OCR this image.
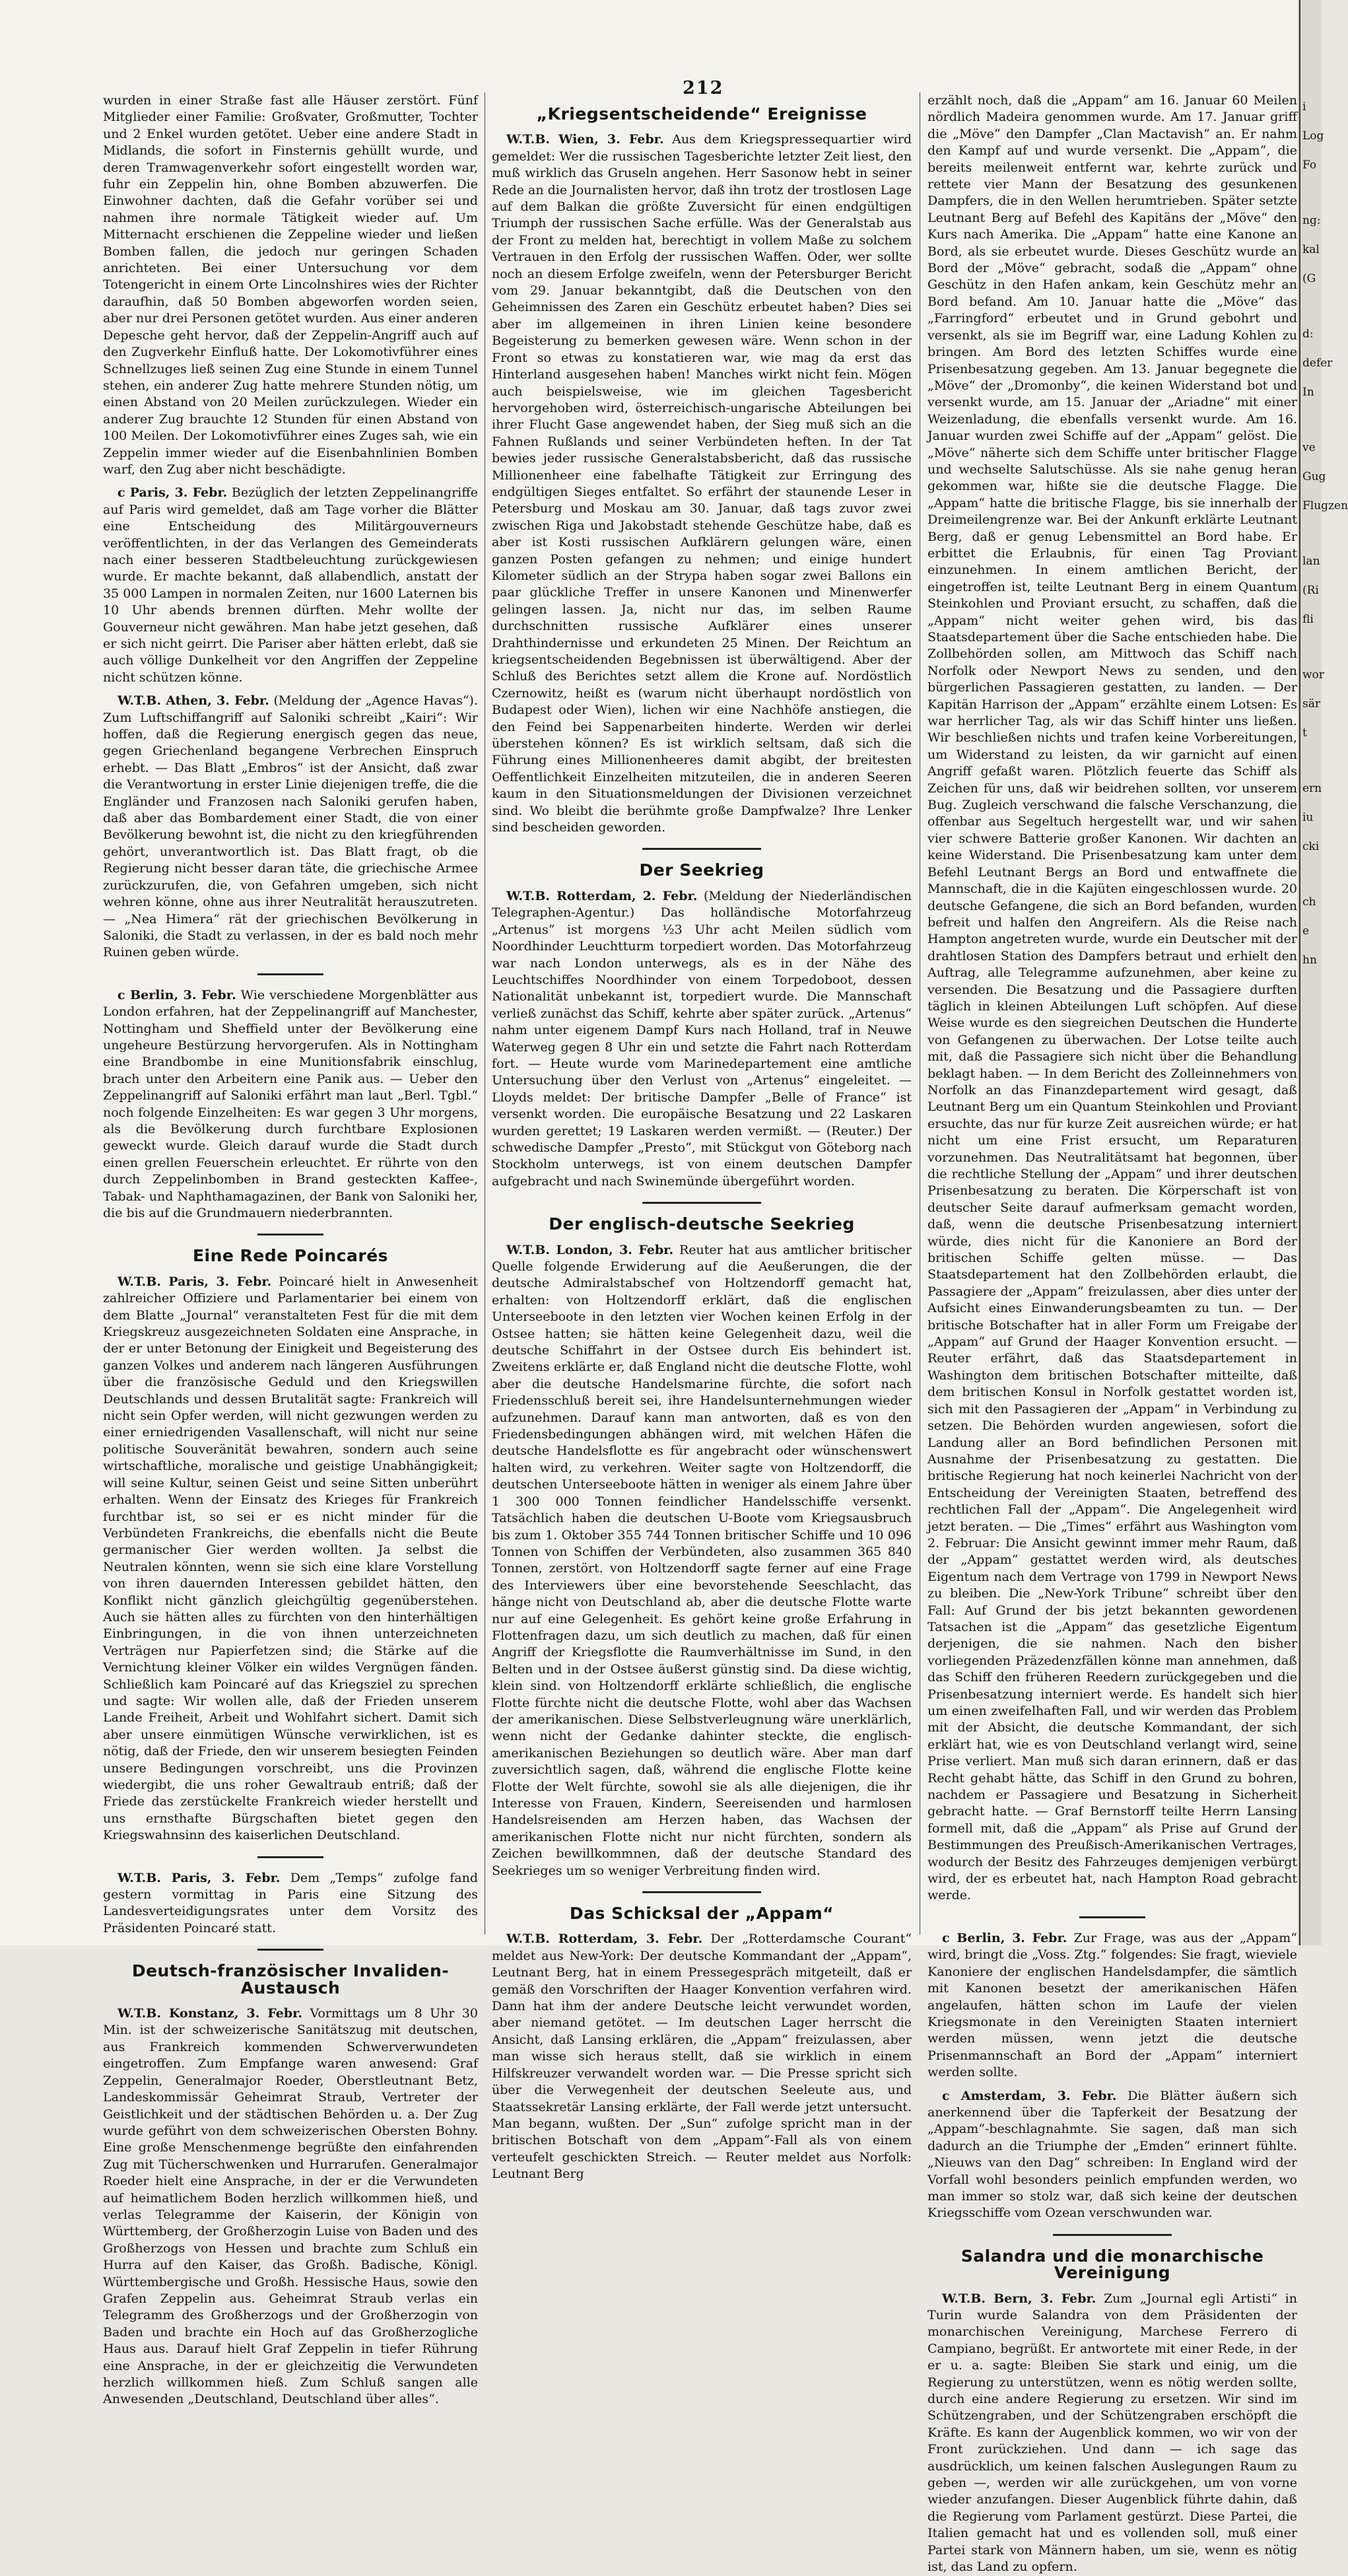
212

wurden in einer Straße fast alle Häuser zerstört. Fünf Mitglieder einer Familie: Großvater, Großmutter, Tochter und 2 Enkel wurden getötet. Ueber eine andere Stadt in Midlands, die sofort in Finsternis gehüllt wurde, und deren Tramwagenverkehr sofort eingestellt worden war, fuhr ein Zeppelin hin, ohne Bomben abzuwerfen. Die Einwohner dachten, daß die Gefahr vorüber sei und nahmen ihre normale Tätigkeit wieder auf. Um Mitternacht erschienen die Zeppeline wieder und ließen Bomben fallen, die jedoch nur geringen Schaden anrichteten. Bei einer Untersuchung vor dem Totengericht in einem Orte Lincolnshires wies der Richter daraufhin, daß 50 Bomben abgeworfen worden seien, aber nur drei Personen getötet wurden. Aus einer anderen Depesche geht hervor, daß der Zeppelin-Angriff auch auf den Zugverkehr Einfluß hatte. Der Lokomotivführer eines Schnellzuges ließ seinen Zug eine Stunde in einem Tunnel stehen, ein anderer Zug hatte mehrere Stunden nötig, um einen Abstand von 20 Meilen zurückzulegen. Wieder ein anderer Zug brauchte 12 Stunden für einen Abstand von 100 Meilen. Der Lokomotivführer eines Zuges sah, wie ein Zeppelin immer wieder auf die Eisenbahnlinien Bomben warf, den Zug aber nicht beschädigte.

c Paris, 3. Febr. Bezüglich der letzten Zeppelinangriffe auf Paris wird gemeldet, daß am Tage vorher die Blätter eine Entscheidung des Militärgouverneurs veröffentlichten, in der das Verlangen des Gemeinderats nach einer besseren Stadtbeleuchtung zurückgewiesen wurde. Er machte bekannt, daß allabendlich, anstatt der 35 000 Lampen in normalen Zeiten, nur 1600 Laternen bis 10 Uhr abends brennen dürften. Mehr wollte der Gouverneur nicht gewähren. Man habe jetzt gesehen, daß er sich nicht geirrt. Die Pariser aber hätten erlebt, daß sie auch völlige Dunkelheit vor den Angriffen der Zeppeline nicht schützen könne.

W.T.B. Athen, 3. Febr. (Meldung der „Agence Havas“). Zum Luftschiffangriff auf Saloniki schreibt „Kairi“: Wir hoffen, daß die Regierung energisch gegen das neue, gegen Griechenland begangene Verbrechen Einspruch erhebt. — Das Blatt „Embros“ ist der Ansicht, daß zwar die Verantwortung in erster Linie diejenigen treffe, die die Engländer und Franzosen nach Saloniki gerufen haben, daß aber das Bombardement einer Stadt, die von einer Bevölkerung bewohnt ist, die nicht zu den kriegführenden gehört, unverantwortlich ist. Das Blatt fragt, ob die Regierung nicht besser daran täte, die griechische Armee zurückzurufen, die, von Gefahren umgeben, sich nicht wehren könne, ohne aus ihrer Neutralität herauszutreten. — „Nea Himera“ rät der griechischen Bevölkerung in Saloniki, die Stadt zu verlassen, in der es bald noch mehr Ruinen geben würde.

c Berlin, 3. Febr. Wie verschiedene Morgenblätter aus London erfahren, hat der Zeppelinangriff auf Manchester, Nottingham und Sheffield unter der Bevölkerung eine ungeheure Bestürzung hervorgerufen. Als in Nottingham eine Brandbombe in eine Munitionsfabrik einschlug, brach unter den Arbeitern eine Panik aus. — Ueber den Zeppelinangriff auf Saloniki erfährt man laut „Berl. Tgbl.“ noch folgende Einzelheiten: Es war gegen 3 Uhr morgens, als die Bevölkerung durch furchtbare Explosionen geweckt wurde. Gleich darauf wurde die Stadt durch einen grellen Feuerschein erleuchtet. Er rührte von den durch Zeppelinbomben in Brand gesteckten Kaffee-, Tabak- und Naphthamagazinen, der Bank von Saloniki her, die bis auf die Grundmauern niederbrannten.

Eine Rede Poincarés

W.T.B. Paris, 3. Febr. Poincaré hielt in Anwesenheit zahlreicher Offiziere und Parlamentarier bei einem von dem Blatte „Journal“ veranstalteten Fest für die mit dem Kriegskreuz ausgezeichneten Soldaten eine Ansprache, in der er unter Betonung der Einigkeit und Begeisterung des ganzen Volkes und anderem nach längeren Ausführungen über die französische Geduld und den Kriegswillen Deutschlands und dessen Brutalität sagte: Frankreich will nicht sein Opfer werden, will nicht gezwungen werden zu einer erniedrigenden Vasallenschaft, will nicht nur seine politische Souveränität bewahren, sondern auch seine wirtschaftliche, moralische und geistige Unabhängigkeit; will seine Kultur, seinen Geist und seine Sitten unberührt erhalten. Wenn der Einsatz des Krieges für Frankreich furchtbar ist, so sei er es nicht minder für die Verbündeten Frankreichs, die ebenfalls nicht die Beute germanischer Gier werden wollten. Ja selbst die Neutralen könnten, wenn sie sich eine klare Vorstellung von ihren dauernden Interessen gebildet hätten, den Konflikt nicht gänzlich gleichgültig gegenüberstehen. Auch sie hätten alles zu fürchten von den hinterhältigen Einbringungen, in die von ihnen unterzeichneten Verträgen nur Papierfetzen sind; die Stärke auf die Vernichtung kleiner Völker ein wildes Vergnügen fänden. Schließlich kam Poincaré auf das Kriegsziel zu sprechen und sagte: Wir wollen alle, daß der Frieden unserem Lande Freiheit, Arbeit und Wohlfahrt sichert. Damit sich aber unsere einmütigen Wünsche verwirklichen, ist es nötig, daß der Friede, den wir unserem besiegten Feinden unsere Bedingungen vorschreibt, uns die Provinzen wiedergibt, die uns roher Gewaltraub entriß; daß der Friede das zerstückelte Frankreich wieder herstellt und uns ernsthafte Bürgschaften bietet gegen den Kriegswahnsinn des kaiserlichen Deutschland.

W.T.B. Paris, 3. Febr. Dem „Temps“ zufolge fand gestern vormittag in Paris eine Sitzung des Landesverteidigungsrates unter dem Vorsitz des Präsidenten Poincaré statt.

Deutsch-französischer Invaliden-Austausch

W.T.B. Konstanz, 3. Febr. Vormittags um 8 Uhr 30 Min. ist der schweizerische Sanitätszug mit deutschen, aus Frankreich kommenden Schwerverwundeten eingetroffen. Zum Empfange waren anwesend: Graf Zeppelin, Generalmajor Roeder, Oberstleutnant Betz, Landeskommissär Geheimrat Straub, Vertreter der Geistlichkeit und der städtischen Behörden u. a. Der Zug wurde geführt von dem schweizerischen Obersten Bohny. Eine große Menschenmenge begrüßte den einfahrenden Zug mit Tücherschwenken und Hurrarufen. Generalmajor Roeder hielt eine Ansprache, in der er die Verwundeten auf heimatlichem Boden herzlich willkommen hieß, und verlas Telegramme der Kaiserin, der Königin von Württemberg, der Großherzogin Luise von Baden und des Großherzogs von Hessen und brachte zum Schluß ein Hurra auf den Kaiser, das Großh. Badische, Königl. Württembergische und Großh. Hessische Haus, sowie den Grafen Zeppelin aus. Geheimrat Straub verlas ein Telegramm des Großherzogs und der Großherzogin von Baden und brachte ein Hoch auf das Großherzogliche Haus aus. Darauf hielt Graf Zeppelin in tiefer Rührung eine Ansprache, in der er gleichzeitig die Verwundeten herzlich willkommen hieß. Zum Schluß sangen alle Anwesenden „Deutschland, Deutschland über alles“.

„Kriegsentscheidende“ Ereignisse

W.T.B. Wien, 3. Febr. Aus dem Kriegspressequartier wird gemeldet: Wer die russischen Tagesberichte letzter Zeit liest, den muß wirklich das Gruseln angehen. Herr Sasonow hebt in seiner Rede an die Journalisten hervor, daß ihn trotz der trostlosen Lage auf dem Balkan die größte Zuversicht für einen endgültigen Triumph der russischen Sache erfülle. Was der Generalstab aus der Front zu melden hat, berechtigt in vollem Maße zu solchem Vertrauen in den Erfolg der russischen Waffen. Oder, wer sollte noch an diesem Erfolge zweifeln, wenn der Petersburger Bericht vom 29. Januar bekanntgibt, daß die Deutschen von den Geheimnissen des Zaren ein Geschütz erbeutet haben? Dies sei aber im allgemeinen in ihren Linien keine besondere Begeisterung zu bemerken gewesen wäre. Wenn schon in der Front so etwas zu konstatieren war, wie mag da erst das Hinterland ausgesehen haben! Manches wirkt nicht fein. Mögen auch beispielsweise, wie im gleichen Tagesbericht hervorgehoben wird, österreichisch-ungarische Abteilungen bei ihrer Flucht Gase angewendet haben, der Sieg muß sich an die Fahnen Rußlands und seiner Verbündeten heften. In der Tat bewies jeder russische Generalstabsbericht, daß das russische Millionenheer eine fabelhafte Tätigkeit zur Erringung des endgültigen Sieges entfaltet. So erfährt der staunende Leser in Petersburg und Moskau am 30. Januar, daß tags zuvor zwei zwischen Riga und Jakobstadt stehende Geschütze habe, daß es aber ist Kosti russischen Aufklärern gelungen wäre, einen ganzen Posten gefangen zu nehmen; und einige hundert Kilometer südlich an der Strypa haben sogar zwei Ballons ein paar glückliche Treffer in unsere Kanonen und Minenwerfer gelingen lassen. Ja, nicht nur das, im selben Raume durchschnitten russische Aufklärer eines unserer Drahthindernisse und erkundeten 25 Minen. Der Reichtum an kriegsentscheidenden Begebnissen ist überwältigend. Aber der Schluß des Berichtes setzt allem die Krone auf. Nordöstlich Czernowitz, heißt es (warum nicht überhaupt nordöstlich von Budapest oder Wien), lichen wir eine Nachhöfe anstiegen, die den Feind bei Sappenarbeiten hinderte. Werden wir derlei überstehen können? Es ist wirklich seltsam, daß sich die Führung eines Millionenheeres damit abgibt, der breitesten Oeffentlichkeit Einzelheiten mitzuteilen, die in anderen Seeren kaum in den Situationsmeldungen der Divisionen verzeichnet sind. Wo bleibt die berühmte große Dampfwalze? Ihre Lenker sind bescheiden geworden.

Der Seekrieg

W.T.B. Rotterdam, 2. Febr. (Meldung der Niederländischen Telegraphen-Agentur.) Das holländische Motorfahrzeug „Artenus“ ist morgens ½3 Uhr acht Meilen südlich vom Noordhinder Leuchtturm torpediert worden. Das Motorfahrzeug war nach London unterwegs, als es in der Nähe des Leuchtschiffes Noordhinder von einem Torpedoboot, dessen Nationalität unbekannt ist, torpediert wurde. Die Mannschaft verließ zunächst das Schiff, kehrte aber später zurück. „Artenus“ nahm unter eigenem Dampf Kurs nach Holland, traf in Neuwe Waterweg gegen 8 Uhr ein und setzte die Fahrt nach Rotterdam fort. — Heute wurde vom Marinedepartement eine amtliche Untersuchung über den Verlust von „Artenus“ eingeleitet. — Lloyds meldet: Der britische Dampfer „Belle of France“ ist versenkt worden. Die europäische Besatzung und 22 Laskaren wurden gerettet; 19 Laskaren werden vermißt. — (Reuter.) Der schwedische Dampfer „Presto“, mit Stückgut von Göteborg nach Stockholm unterwegs, ist von einem deutschen Dampfer aufgebracht und nach Swinemünde übergeführt worden.

Der englisch-deutsche Seekrieg

W.T.B. London, 3. Febr. Reuter hat aus amtlicher britischer Quelle folgende Erwiderung auf die Aeußerungen, die der deutsche Admiralstabschef von Holtzendorff gemacht hat, erhalten: von Holtzendorff erklärt, daß die englischen Unterseeboote in den letzten vier Wochen keinen Erfolg in der Ostsee hatten; sie hätten keine Gelegenheit dazu, weil die deutsche Schiffahrt in der Ostsee durch Eis behindert ist. Zweitens erklärte er, daß England nicht die deutsche Flotte, wohl aber die deutsche Handelsmarine fürchte, die sofort nach Friedensschluß bereit sei, ihre Handelsunternehmungen wieder aufzunehmen. Darauf kann man antworten, daß es von den Friedensbedingungen abhängen wird, mit welchen Häfen die deutsche Handelsflotte es für angebracht oder wünschenswert halten wird, zu verkehren. Weiter sagte von Holtzendorff, die deutschen Unterseeboote hätten in weniger als einem Jahre über 1 300 000 Tonnen feindlicher Handelsschiffe versenkt. Tatsächlich haben die deutschen U-Boote vom Kriegsausbruch bis zum 1. Oktober 355 744 Tonnen britischer Schiffe und 10 096 Tonnen von Schiffen der Verbündeten, also zusammen 365 840 Tonnen, zerstört. von Holtzendorff sagte ferner auf eine Frage des Interviewers über eine bevorstehende Seeschlacht, das hänge nicht von Deutschland ab, aber die deutsche Flotte warte nur auf eine Gelegenheit. Es gehört keine große Erfahrung in Flottenfragen dazu, um sich deutlich zu machen, daß für einen Angriff der Kriegsflotte die Raumverhältnisse im Sund, in den Belten und in der Ostsee äußerst günstig sind. Da diese wichtig, klein sind. von Holtzendorff erklärte schließlich, die englische Flotte fürchte nicht die deutsche Flotte, wohl aber das Wachsen der amerikanischen. Diese Selbstverleugnung wäre unerklärlich, wenn nicht der Gedanke dahinter steckte, die englisch-amerikanischen Beziehungen so deutlich wäre. Aber man darf zuversichtlich sagen, daß, während die englische Flotte keine Flotte der Welt fürchte, sowohl sie als alle diejenigen, die ihr Interesse von Frauen, Kindern, Seereisenden und harmlosen Handelsreisenden am Herzen haben, das Wachsen der amerikanischen Flotte nicht nur nicht fürchten, sondern als Zeichen bewillkommnen, daß der deutsche Standard des Seekrieges um so weniger Verbreitung finden wird.

Das Schicksal der „Appam“

W.T.B. Rotterdam, 3. Febr. Der „Rotterdamsche Courant“ meldet aus New-York: Der deutsche Kommandant der „Appam“, Leutnant Berg, hat in einem Pressegespräch mitgeteilt, daß er gemäß den Vorschriften der Haager Konvention verfahren wird. Dann hat ihm der andere Deutsche leicht verwundet worden, aber niemand getötet. — Im deutschen Lager herrscht die Ansicht, daß Lansing erklären, die „Appam“ freizulassen, aber man wisse sich heraus stellt, daß sie wirklich in einem Hilfskreuzer verwandelt worden war. — Die Presse spricht sich über die Verwegenheit der deutschen Seeleute aus, und Staatssekretär Lansing erklärte, der Fall werde jetzt untersucht. Man begann, wußten. Der „Sun“ zufolge spricht man in der britischen Botschaft von dem „Appam“-Fall als von einem verteufelt geschickten Streich. — Reuter meldet aus Norfolk: Leutnant Berg

erzählt noch, daß die „Appam“ am 16. Januar 60 Meilen nördlich Madeira genommen wurde. Am 17. Januar griff die „Möve“ den Dampfer „Clan Mactavish“ an. Er nahm den Kampf auf und wurde versenkt. Die „Appam“, die bereits meilenweit entfernt war, kehrte zurück und rettete vier Mann der Besatzung des gesunkenen Dampfers, die in den Wellen herumtrieben. Später setzte Leutnant Berg auf Befehl des Kapitäns der „Möve“ den Kurs nach Amerika. Die „Appam“ hatte eine Kanone an Bord, als sie erbeutet wurde. Dieses Geschütz wurde an Bord der „Möve“ gebracht, sodaß die „Appam“ ohne Geschütz in den Hafen ankam, kein Geschütz mehr an Bord befand. Am 10. Januar hatte die „Möve“ das „Farringford“ erbeutet und in Grund gebohrt und versenkt, als sie im Begriff war, eine Ladung Kohlen zu bringen. Am Bord des letzten Schiffes wurde eine Prisenbesatzung gegeben. Am 13. Januar begegnete die „Möve“ der „Dromonby“, die keinen Widerstand bot und versenkt wurde, am 15. Januar der „Ariadne“ mit einer Weizenladung, die ebenfalls versenkt wurde. Am 16. Januar wurden zwei Schiffe auf der „Appam“ gelöst. Die „Möve“ näherte sich dem Schiffe unter britischer Flagge und wechselte Salutschüsse. Als sie nahe genug heran gekommen war, hißte sie die deutsche Flagge. Die „Appam“ hatte die britische Flagge, bis sie innerhalb der Dreimeilengrenze war. Bei der Ankunft erklärte Leutnant Berg, daß er genug Lebensmittel an Bord habe. Er erbittet die Erlaubnis, für einen Tag Proviant einzunehmen. In einem amtlichen Bericht, der eingetroffen ist, teilte Leutnant Berg in einem Quantum Steinkohlen und Proviant ersucht, zu schaffen, daß die „Appam“ nicht weiter gehen wird, bis das Staatsdepartement über die Sache entschieden habe. Die Zollbehörden sollen, am Mittwoch das Schiff nach Norfolk oder Newport News zu senden, und den bürgerlichen Passagieren gestatten, zu landen. — Der Kapitän Harrison der „Appam“ erzählte einem Lotsen: Es war herrlicher Tag, als wir das Schiff hinter uns ließen. Wir beschließen nichts und trafen keine Vorbereitungen, um Widerstand zu leisten, da wir garnicht auf einen Angriff gefaßt waren. Plötzlich feuerte das Schiff als Zeichen für uns, daß wir beidrehen sollten, vor unserem Bug. Zugleich verschwand die falsche Verschanzung, die offenbar aus Segeltuch hergestellt war, und wir sahen vier schwere Batterie großer Kanonen. Wir dachten an keine Widerstand. Die Prisenbesatzung kam unter dem Befehl Leutnant Bergs an Bord und entwaffnete die Mannschaft, die in die Kajüten eingeschlossen wurde. 20 deutsche Gefangene, die sich an Bord befanden, wurden befreit und halfen den Angreifern. Als die Reise nach Hampton angetreten wurde, wurde ein Deutscher mit der drahtlosen Station des Dampfers betraut und erhielt den Auftrag, alle Telegramme aufzunehmen, aber keine zu versenden. Die Besatzung und die Passagiere durften täglich in kleinen Abteilungen Luft schöpfen. Auf diese Weise wurde es den siegreichen Deutschen die Hunderte von Gefangenen zu überwachen. Der Lotse teilte auch mit, daß die Passagiere sich nicht über die Behandlung beklagt haben. — In dem Bericht des Zolleinnehmers von Norfolk an das Finanzdepartement wird gesagt, daß Leutnant Berg um ein Quantum Steinkohlen und Proviant ersuchte, das nur für kurze Zeit ausreichen würde; er hat nicht um eine Frist ersucht, um Reparaturen vorzunehmen. Das Neutralitätsamt hat begonnen, über die rechtliche Stellung der „Appam“ und ihrer deutschen Prisenbesatzung zu beraten. Die Körperschaft ist von deutscher Seite darauf aufmerksam gemacht worden, daß, wenn die deutsche Prisenbesatzung interniert würde, dies nicht für die Kanoniere an Bord der britischen Schiffe gelten müsse. — Das Staatsdepartement hat den Zollbehörden erlaubt, die Passagiere der „Appam“ freizulassen, aber dies unter der Aufsicht eines Einwanderungsbeamten zu tun. — Der britische Botschafter hat in aller Form um Freigabe der „Appam“ auf Grund der Haager Konvention ersucht. — Reuter erfährt, daß das Staatsdepartement in Washington dem britischen Botschafter mitteilte, daß dem britischen Konsul in Norfolk gestattet worden ist, sich mit den Passagieren der „Appam“ in Verbindung zu setzen. Die Behörden wurden angewiesen, sofort die Landung aller an Bord befindlichen Personen mit Ausnahme der Prisenbesatzung zu gestatten. Die britische Regierung hat noch keinerlei Nachricht von der Entscheidung der Vereinigten Staaten, betreffend des rechtlichen Fall der „Appam“. Die Angelegenheit wird jetzt beraten. — Die „Times“ erfährt aus Washington vom 2. Februar: Die Ansicht gewinnt immer mehr Raum, daß der „Appam“ gestattet werden wird, als deutsches Eigentum nach dem Vertrage von 1799 in Newport News zu bleiben. Die „New-York Tribune“ schreibt über den Fall: Auf Grund der bis jetzt bekannten gewordenen Tatsachen ist die „Appam“ das gesetzliche Eigentum derjenigen, die sie nahmen. Nach den bisher vorliegenden Präzedenzfällen könne man annehmen, daß das Schiff den früheren Reedern zurückgegeben und die Prisenbesatzung interniert werde. Es handelt sich hier um einen zweifelhaften Fall, und wir werden das Problem mit der Absicht, die deutsche Kommandant, der sich erklärt hat, wie es von Deutschland verlangt wird, seine Prise verliert. Man muß sich daran erinnern, daß er das Recht gehabt hätte, das Schiff in den Grund zu bohren, nachdem er Passagiere und Besatzung in Sicherheit gebracht hatte. — Graf Bernstorff teilte Herrn Lansing formell mit, daß die „Appam“ als Prise auf Grund der Bestimmungen des Preußisch-Amerikanischen Vertrages, wodurch der Besitz des Fahrzeuges demjenigen verbürgt wird, der es erbeutet hat, nach Hampton Road gebracht werde.

c Berlin, 3. Febr. Zur Frage, was aus der „Appam“ wird, bringt die „Voss. Ztg.“ folgendes: Sie fragt, wieviele Kanoniere der englischen Handelsdampfer, die sämtlich mit Kanonen besetzt der amerikanischen Häfen angelaufen, hätten schon im Laufe der vielen Kriegsmonate in den Vereinigten Staaten interniert werden müssen, wenn jetzt die deutsche Prisenmannschaft an Bord der „Appam“ interniert werden sollte.

c Amsterdam, 3. Febr. Die Blätter äußern sich anerkennend über die Tapferkeit der Besatzung der „Appam“-beschlagnahmte. Sie sagen, daß man sich dadurch an die Triumphe der „Emden“ erinnert fühlte. „Nieuws van den Dag“ schreiben: In England wird der Vorfall wohl besonders peinlich empfunden werden, wo man immer so stolz war, daß sich keine der deutschen Kriegsschiffe vom Ozean verschwunden war.

Salandra und die monarchische Vereinigung

W.T.B. Bern, 3. Febr. Zum „Journal egli Artisti“ in Turin wurde Salandra von dem Präsidenten der monarchischen Vereinigung, Marchese Ferrero di Campiano, begrüßt. Er antwortete mit einer Rede, in der er u. a. sagte: Bleiben Sie stark und einig, um die Regierung zu unterstützen, wenn es nötig werden sollte, durch eine andere Regierung zu ersetzen. Wir sind im Schützengraben, und der Schützengraben erschöpft die Kräfte. Es kann der Augenblick kommen, wo wir von der Front zurückziehen. Und dann — ich sage das ausdrücklich, um keinen falschen Auslegungen Raum zu geben —, werden wir alle zurückgehen, um von vorne wieder anzufangen. Dieser Augenblick führte dahin, daß die Regierung vom Parlament gestürzt. Diese Partei, die Italien gemacht hat und es vollenden soll, muß einer Partei stark von Männern haben, um sie, wenn es nötig ist, das Land zu opfern.

i
Log
Fo
ng:
kal
(G
d:
defer
In
ve
Gug
Flugzen
lan
(Ri
fli
wor
sär
t
ern
iu
cki
ch
e
hn
